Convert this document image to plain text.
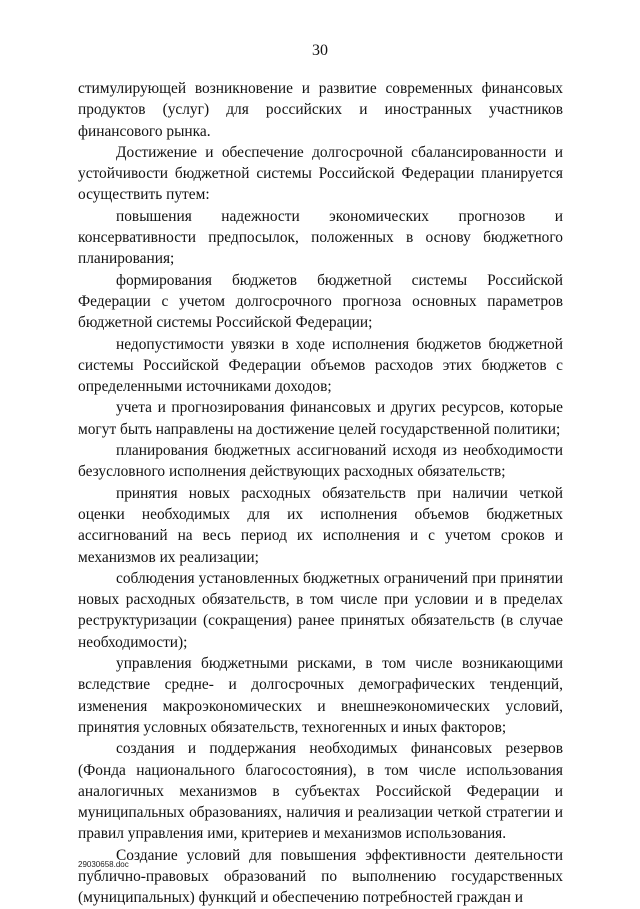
30

стимулирующей возникновение и развитие современных финансовых продуктов (услуг) для российских и иностранных участников финансового рынка.

Достижение и обеспечение долгосрочной сбалансированности и устойчивости бюджетной системы Российской Федерации планируется осуществить путем:

повышения надежности экономических прогнозов и консервативности предпосылок, положенных в основу бюджетного планирования;

формирования бюджетов бюджетной системы Российской Федерации с учетом долгосрочного прогноза основных параметров бюджетной системы Российской Федерации;

недопустимости увязки в ходе исполнения бюджетов бюджетной системы Российской Федерации объемов расходов этих бюджетов с определенными источниками доходов;

учета и прогнозирования финансовых и других ресурсов, которые могут быть направлены на достижение целей государственной политики;

планирования бюджетных ассигнований исходя из необходимости безусловного исполнения действующих расходных обязательств;

принятия новых расходных обязательств при наличии четкой оценки необходимых для их исполнения объемов бюджетных ассигнований на весь период их исполнения и с учетом сроков и механизмов их реализации;

соблюдения установленных бюджетных ограничений при принятии новых расходных обязательств, в том числе при условии и в пределах реструктуризации (сокращения) ранее принятых обязательств (в случае необходимости);

управления бюджетными рисками, в том числе возникающими вследствие средне- и долгосрочных демографических тенденций, изменения макроэкономических и внешнеэкономических условий, принятия условных обязательств, техногенных и иных факторов;

создания и поддержания необходимых финансовых резервов (Фонда национального благосостояния), в том числе использования аналогичных механизмов в субъектах Российской Федерации и муниципальных образованиях, наличия и реализации четкой стратегии и правил управления ими, критериев и механизмов использования.

Создание условий для повышения эффективности деятельности публично-правовых образований по выполнению государственных (муниципальных) функций и обеспечению потребностей граждан и

29030658.doc
